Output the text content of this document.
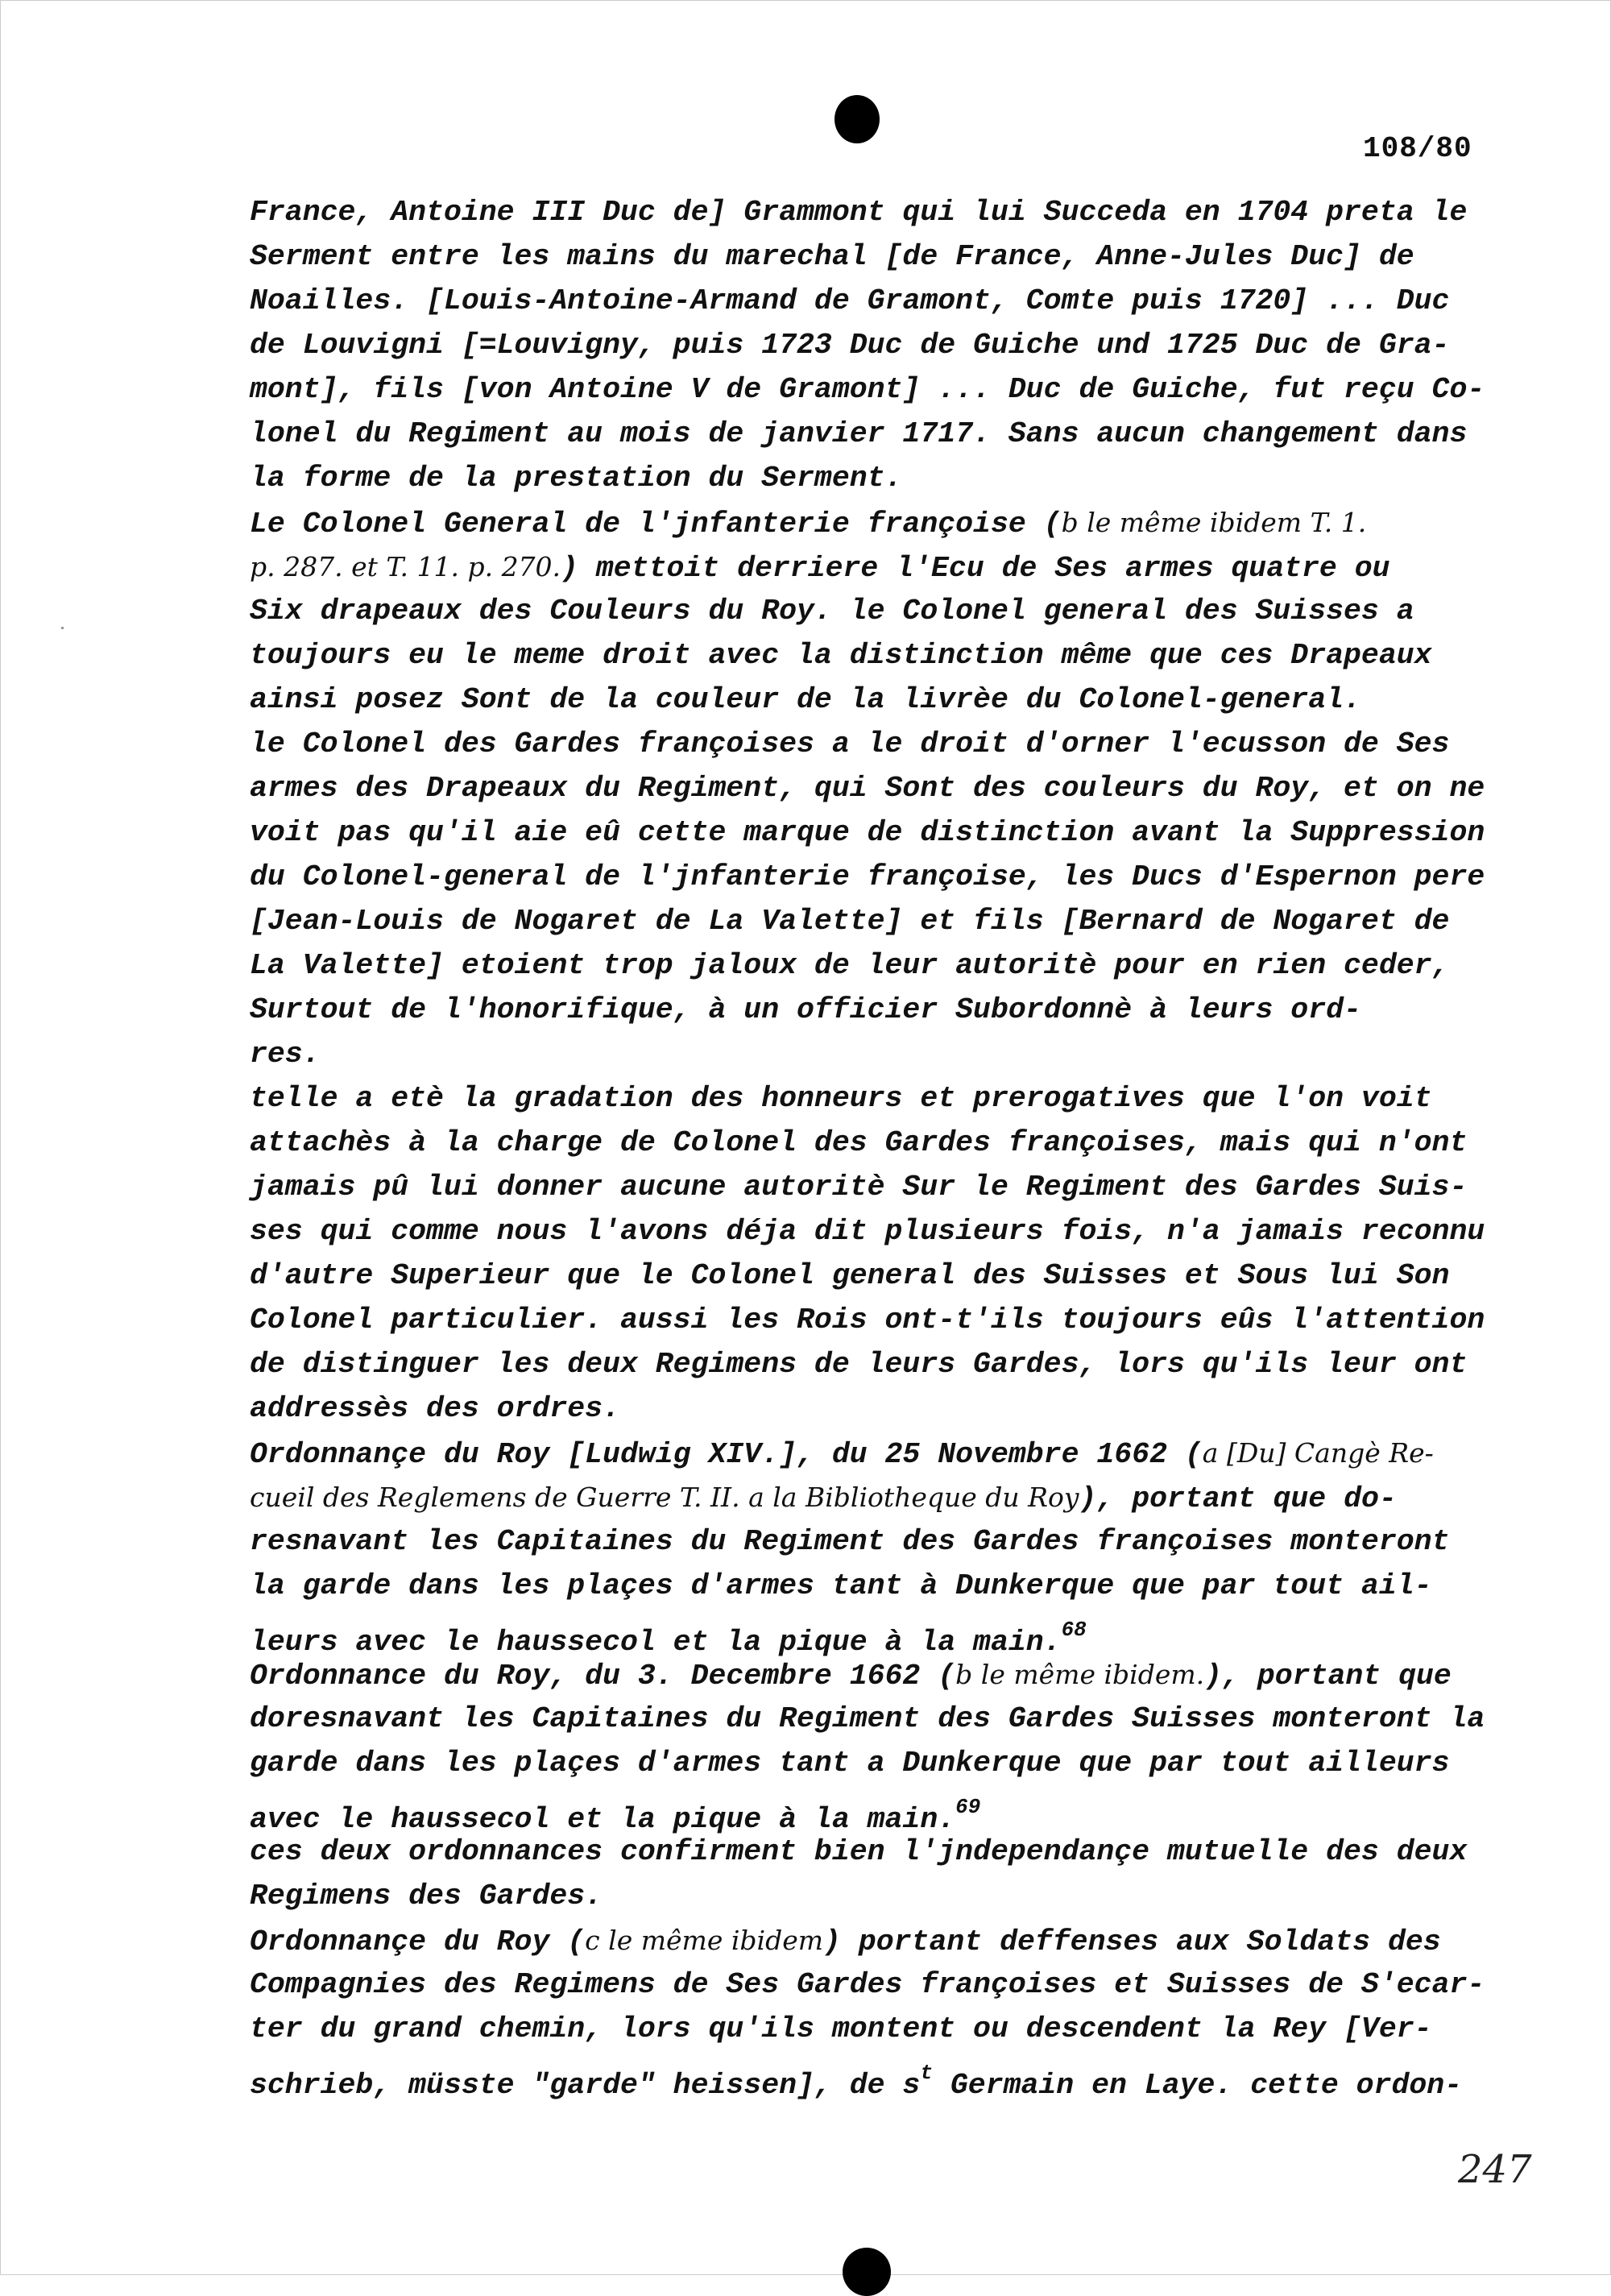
108/80
France, Antoine III Duc de] Grammont qui lui Succeda en 1704 preta le
Serment entre les mains du marechal [de France, Anne-Jules Duc] de
Noailles. [Louis-Antoine-Armand de Gramont, Comte puis 1720] ... Duc
de Louvigni [=Louvigny, puis 1723 Duc de Guiche und 1725 Duc de Gra-
mont], fils [von Antoine V de Gramont] ... Duc de Guiche, fut reçu Co-
lonel du Regiment au mois de janvier 1717. Sans aucun changement dans
la forme de la prestation du Serment.
Le Colonel General de l'jnfanterie françoise (b le même ibidem T. 1.
p. 287. et T. 11. p. 270.) mettoit derriere l'Ecu de Ses armes quatre ou
Six drapeaux des Couleurs du Roy. le Colonel general des Suisses a
toujours eu le meme droit avec la distinction même que ces Drapeaux
ainsi posez Sont de la couleur de la livrèe du Colonel-general.
le Colonel des Gardes françoises a le droit d'orner l'ecusson de Ses
armes des Drapeaux du Regiment, qui Sont des couleurs du Roy, et on ne
voit pas qu'il aie eû cette marque de distinction avant la Suppression
du Colonel-general de l'jnfanterie françoise, les Ducs d'Espernon pere
[Jean-Louis de Nogaret de La Valette] et fils [Bernard de Nogaret de
La Valette] etoient trop jaloux de leur autoritè pour en rien ceder,
Surtout de l'honorifique, à un officier Subordonnè à leurs ord-
res.
telle a etè la gradation des honneurs et prerogatives que l'on voit
attachès à la charge de Colonel des Gardes françoises, mais qui n'ont
jamais pû lui donner aucune autoritè Sur le Regiment des Gardes Suis-
ses qui comme nous l'avons déja dit plusieurs fois, n'a jamais reconnu
d'autre Superieur que le Colonel general des Suisses et Sous lui Son
Colonel particulier. aussi les Rois ont-t'ils toujours eûs l'attention
de distinguer les deux Regimens de leurs Gardes, lors qu'ils leur ont
addressès des ordres.
Ordonnançe du Roy [Ludwig XIV.], du 25 Novembre 1662 (a [Du] Cangè Re-
cueil des Reglemens de Guerre T. II. a la Bibliotheque du Roy), portant que do-
resnavant les Capitaines du Regiment des Gardes françoises monteront
la garde dans les plaçes d'armes tant à Dunkerque que par tout ail-
leurs avec le haussecol et la pique à la main.$^{68}$
Ordonnance du Roy, du 3. Decembre 1662 (b le même ibidem.), portant que
doresnavant les Capitaines du Regiment des Gardes Suisses monteront la
garde dans les plaçes d'armes tant a Dunkerque que par tout ailleurs
avec le haussecol et la pique à la main.$^{69}$
ces deux ordonnances confirment bien l'jndependançe mutuelle des deux
Regimens des Gardes.
Ordonnançe du Roy (c le même ibidem) portant deffenses aux Soldats des
Compagnies des Regimens de Ses Gardes françoises et Suisses de S'ecar-
ter du grand chemin, lors qu'ils montent ou descendent la Rey [Ver-
schrieb, müsste "garde" heissen], de $s^t$ Germain en Laye. cette ordon-
247
